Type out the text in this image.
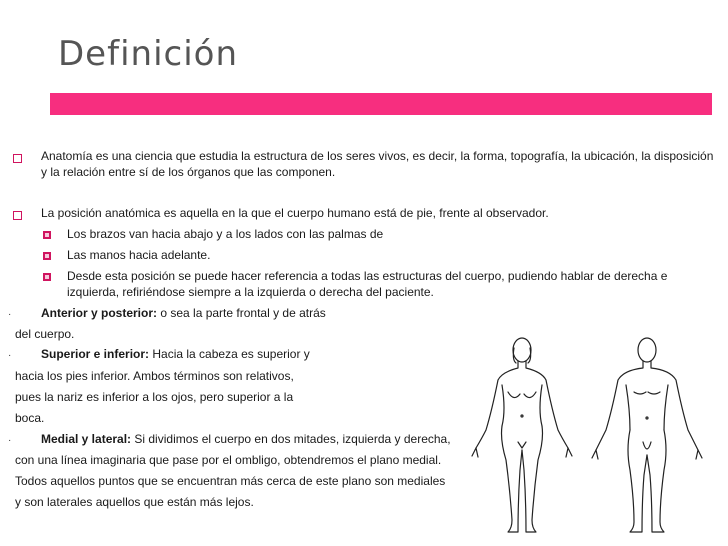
Definición
Anatomía es una ciencia que estudia la estructura de los seres vivos, es decir, la forma, topografía, la ubicación, la disposición
y la relación entre sí de los órganos que las componen.
La posición anatómica es aquella en la que el cuerpo humano está de pie, frente al observador.
Los brazos van hacia abajo y a los lados con las palmas de
Las manos hacia adelante.
Desde esta posición se puede hacer referencia a todas las estructuras del cuerpo, pudiendo hablar de derecha e
izquierda, refiriéndose siempre a la izquierda o derecha del paciente.
· Anterior y posterior: o sea la parte frontal y de atrás
del cuerpo.
· Superior e inferior: Hacia la cabeza es superior y
hacia los pies inferior. Ambos términos son relativos,
pues la nariz es inferior a los ojos, pero superior a la
boca.
· Medial y lateral: Si dividimos el cuerpo en dos mitades, izquierda y derecha,
con una línea imaginaria que pase por el ombligo, obtendremos el plano medial.
Todos aquellos puntos que se encuentran más cerca de este plano son mediales
y son laterales aquellos que están más lejos.
